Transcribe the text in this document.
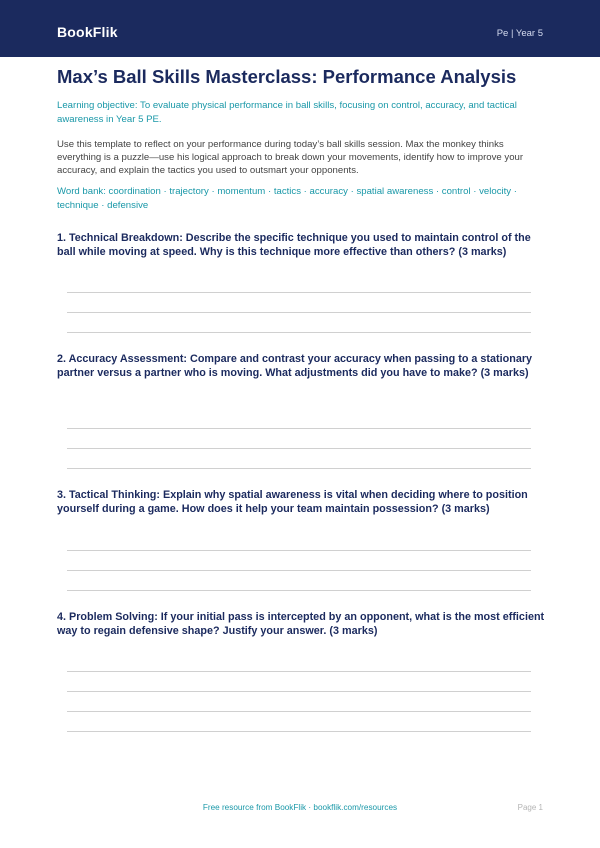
BookFlik	Pe | Year 5
Max’s Ball Skills Masterclass: Performance Analysis
Learning objective: To evaluate physical performance in ball skills, focusing on control, accuracy, and tactical awareness in Year 5 PE.
Use this template to reflect on your performance during today’s ball skills session. Max the monkey thinks everything is a puzzle—use his logical approach to break down your movements, identify how to improve your accuracy, and explain the tactics you used to outsmart your opponents.
Word bank: coordination · trajectory · momentum · tactics · accuracy · spatial awareness · control · velocity · technique · defensive
1. Technical Breakdown: Describe the specific technique you used to maintain control of the ball while moving at speed. Why is this technique more effective than others? (3 marks)
2. Accuracy Assessment: Compare and contrast your accuracy when passing to a stationary partner versus a partner who is moving. What adjustments did you have to make? (3 marks)
3. Tactical Thinking: Explain why spatial awareness is vital when deciding where to position yourself during a game. How does it help your team maintain possession? (3 marks)
4. Problem Solving: If your initial pass is intercepted by an opponent, what is the most efficient way to regain defensive shape? Justify your answer. (3 marks)
Free resource from BookFlik · bookflik.com/resources	Page 1
